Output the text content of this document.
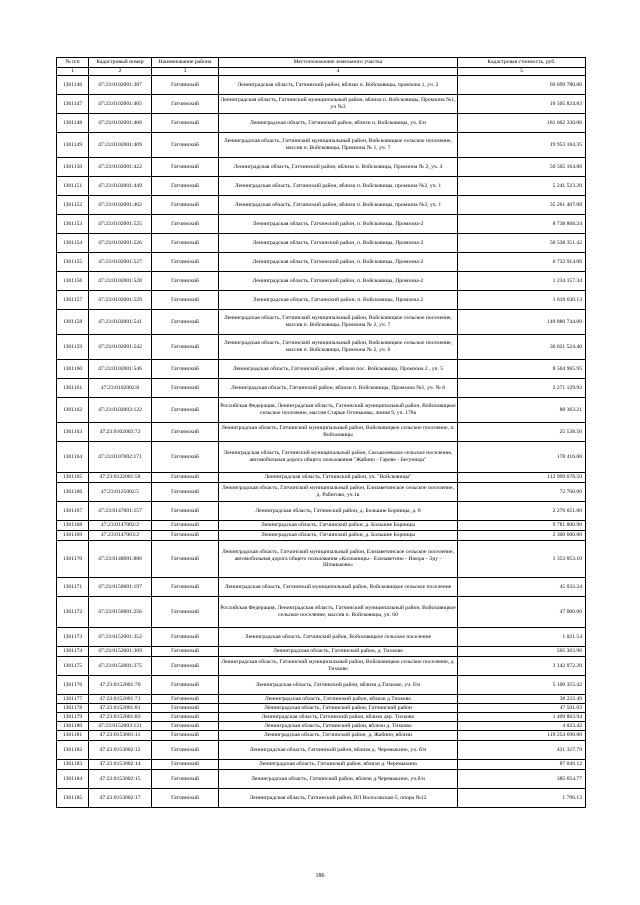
№ п/п	Кадастровый номер	Наименование района	Местоположение земельного участка	Кадастровая стоимость, руб.
1	2	3	4	5
1301146	47:23:0102001:387	Гатчинский	Ленинградская область, Гатчинский район, вблизи п. Войсковицы, промзона 1, уч. 2	69 699 780.00
1301147	47:23:0102001:405	Гатчинский	Ленинградская область, Гатчинский муниципальный район, вблизи п. Войсковицы, Промзона №1, уч №3	16 505 824.83
1301148	47:23:0102001:408	Гатчинский	Ленинградская область, Гатчинский район, вблизи п. Войсковицы, уч. б/н	181 602 330.00
1301149	47:23:0102001:409	Гатчинский	Ленинградская область, Гатчинский муниципальный район, Войсковицкое сельское поселение, массив п. Войсковицы, Промзона № 1, уч. 7	19 953 184.35
1301150	47:23:0102001:422	Гатчинский	Ленинградская область, Гатчинский район, вблизи п. Войсковицы, Промзона № 2, уч. 4	50 505 164.86
1301151	47:23:0102001:449	Гатчинский	Ленинградская область, Гатчинский район, вблизи п. Войсковицы, промзона №2, уч. 1	5 241 523.20
1301152	47:23:0102001:462	Гатчинский	Ленинградская область, Гатчинский район, вблизи п. Войсковицы, промзона №2, уч. 1	35 261 407.08
1301153	47:23:0102001:525	Гатчинский	Ленинградская область, Гатчинский район, п. Войсковицы, Промзона-2	8 738 868.24
1301154	47:23:0102001:526	Гатчинский	Ленинградская область, Гатчинский район, п. Войсковицы, Промзона-2	50 538 351.42
1301155	47:23:0102001:527	Гатчинский	Ленинградская область, Гатчинский район, п. Войсковицы, Промзона-2	6 732 914.08
1301156	47:23:0102001:528	Гатчинский	Ленинградская область, Гатчинский район, п. Войсковицы, Промзона-2	1 234 157.34
1301157	47:23:0102001:529	Гатчинский	Ленинградская область, Гатчинский район, п. Войсковицы, Промзона 2	1 618 630.13
1301158	47:23:0102001:541	Гатчинский	Ленинградская область, Гатчинский муниципальный район, Войсковицкое сельское поселение, массив п. Войсковицы, Промзона № 2, уч. 7	149 880 744.00
1301159	47:23:0102001:542	Гатчинский	Ленинградская область, Гатчинский муниципальный район, Войсковицкое сельское поселение, массив п. Войсковицы, Промзона № 2, уч. 6	36 021 524.40
1301160	47:23:0102001:546	Гатчинский	Ленинградская область, Гатчинский район , вблизи пос. Войсковицы, Промзона 2 , уч. 5	8 564 965.95
1301161	47:23:0102002:8	Гатчинский	Ленинградская область, Гатчинский район, вблизи п. Войсковицы, Промзона №1, уч. № 8	3 271 129.92
1301162	47:23:0102003:122	Гатчинский	Российская Федерация, Ленинградская область, Гатчинский муниципальный район, Войсковицкое сельское поселение, массив Старые Огоньковы, линия 9, уч. 178а	88 363.21
1301163	47:23:0102003:72	Гатчинский	Ленинградская область, Гатчинский муниципальный район, Войсковицкое сельское поселение, п. Войсковицы	25 538.50
1301164	47:23:0107002:171	Гатчинский	Ленинградская область, Гатчинский муниципальный район, Сяськелевское сельское поселение, автомобильная дорога общего пользования "Жабино - Гарево - Бегуницы"	178 416.00
1301165	47:23:0122001:58	Гатчинский	Ленинградская область, Гатчинский район, уч. "Войсковицы"	112 999 678.50
1301166	47:23:0125002:5	Гатчинский	Ленинградская область, Гатчинский муниципальный район, Елизаветинское сельское поселение, д. Рабитово, уч.1в	72 760.00
1301167	47:23:0147001:157	Гатчинский	Ленинградская область, Гатчинский район, д. Большие Борницы, д. 8	2 276 651.00
1301168	47:23:0147002:2	Гатчинский	Ленинградская область, Гатчинский район, д. Большие Борницы	9 781 800.90
1301169	47:23:0147003:2	Гатчинский	Ленинградская область, Гатчинский район, д. Большие Борницы	2 300 600.00
1301170	47:23:0148001:886	Гатчинский	Ленинградская область, Гатчинский муниципальный район, Елизаветинское сельское поселение, автомобильная дорога общего пользования «Колпаницы - Елизаветино - Ижора - Эду - Шпаньково»	1 353 053.10
1301171	47:23:0150001:197	Гатчинский	Ленинградская область, Гатчинский муниципальный район, Войсковицкое сельское поселение	45 032.24
1301172	47:23:0150001:256	Гатчинский	Российская Федерация, Ленинградская область, Гатчинский муниципальный район, Войсковицкое сельское поселение, массив п. Войсковицы, уч. 60	47 000.00
1301173	47:23:0152001:352	Гатчинский	Ленинградская область, Гатчинский район, Войсковицкое сельское поселение	1 021.54
1301174	47:23:0152001:369	Гатчинский	Ленинградская область, Гатчинский район, д. Тихково	565 363.96
1301175	47:23:0152001:375	Гатчинский	Ленинградская область, Гатчинский муниципальный район, Войсковицкое сельское поселение, д. Тихково	3 142 072.20
1301176	47:23:0152001:70	Гатчинский	Ленинградская область, Гатчинский район, вблизи д.Тихково, уч. б/н	5 100 355.42
1301177	47:23:0152001:71	Гатчинский	Ленинградская область, Гатчинский район, вблизи д.Тихково	38 222.49
1301178	47:23:0152001:81	Гатчинский	Ленинградская область, Гатчинский район, Гатчинский район	47 501.03
1301179	47:23:0152001:83	Гатчинский	Ленинградская область, Гатчинский район, вблизи дер. Тихково	1 409 863.94
1301180	47:23:0152003:131	Гатчинский	Ленинградская область, Гатчинский район, вблизи д. Тихково	4 023.42
1301181	47:23:0153001:11	Гатчинский	Ленинградская область, Гатчинский район, д. Жабино, вблизи	119 254 690.00
1301182	47:23:0153002:12	Гатчинский	Ленинградская область, Гатчинский район, вблизи д. Черемыкино, уч. б/н	431 327.79
1301183	47:23:0153002:14	Гатчинский	Ленинградская область, Гатчинский район, вблизи д. Черемыкино	87 049.12
1301184	47:23:0153002:15	Гатчинский	Ленинградская область, Гатчинский район, вблизи д.Черемыкино, уч.б/н	385 654.77
1301185	47:23:0153002:17	Гатчинский	Ленинградская область, Гатчинский район, ВЛ Волосовская-5, опора №12	1 796.13
186
